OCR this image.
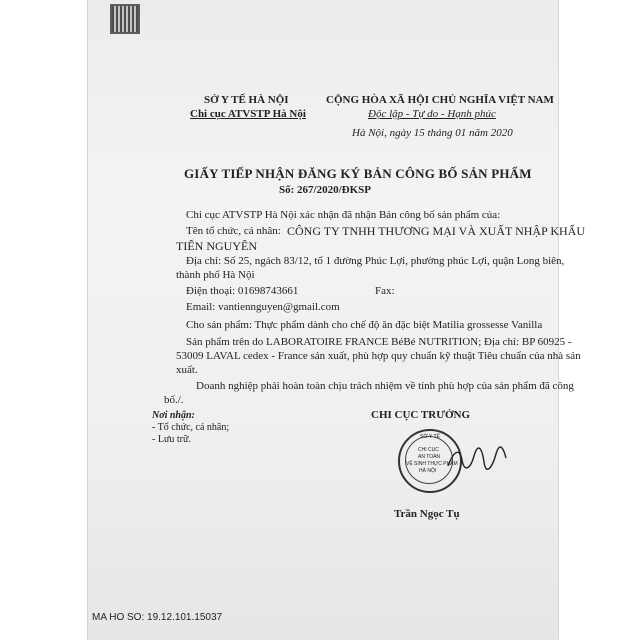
SỞ Y TẾ HÀ NỘI
Chi cục ATVSTP Hà Nội
CỘNG HÒA XÃ HỘI CHỦ NGHĨA VIỆT NAM
Độc lập - Tự do - Hạnh phúc
Hà Nội, ngày 15 tháng 01 năm 2020
GIẤY TIẾP NHẬN ĐĂNG KÝ BẢN CÔNG BỐ SẢN PHẨM
Số: 267/2020/ĐKSP
Chi cục ATVSTP Hà Nội xác nhận đã nhận Bản công bố sản phẩm của:
Tên tổ chức, cá nhân: CÔNG TY TNHH THƯƠNG MẠI VÀ XUẤT NHẬP KHẨU
TIẾN NGUYÊN
Địa chỉ: Số 25, ngách 83/12, tổ 1 đường Phúc Lợi, phường phúc Lợi, quận Long biên,
thành phố Hà Nội
Điện thoại: 01698743661	Fax:
Email: vantiennguyen@gmail.com
Cho sản phẩm: Thực phẩm dành cho chế độ ăn đặc biệt Matilia grossesse Vanilla
Sản phẩm trên do LABORATOIRE FRANCE BéBé NUTRITION; Địa chỉ: BP 60925 -
53009 LAVAL cedex - France sản xuất, phù hợp quy chuẩn kỹ thuật Tiêu chuẩn của nhà sản
xuất.
Doanh nghiệp phải hoàn toàn chịu trách nhiệm về tính phù hợp của sản phẩm đã công
bố./.
Nơi nhận:
- Tổ chức, cá nhân;
- Lưu trữ.
CHI CỤC TRƯỞNG
SỞ Y TẾ
CHI CỤC
AN TOÀN
VỆ SINH THỰC PHẨM
HÀ NỘI
Trần Ngọc Tụ
MA HO SO: 19.12.101.15037
